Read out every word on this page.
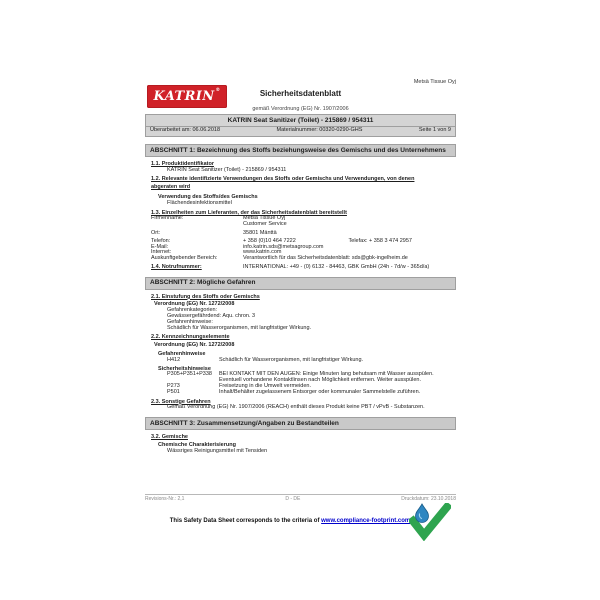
KATRIN ®
Metsä Tissue Oyj
Sicherheitsdatenblatt
gemäß Verordnung (EG) Nr. 1907/2006
KATRIN Seat Sanitizer (Toilet) - 215869 / 954311
Überarbeitet am: 06.06.2018	Materialnummer: 00320-0290-GHS	Seite 1 von 9
ABSCHNITT 1: Bezeichnung des Stoffs beziehungsweise des Gemischs und des Unternehmens
1.1. Produktidentifikator
KATRIN Seat Sanitizer (Toilet) - 215869 / 954311
1.2. Relevante identifizierte Verwendungen des Stoffs oder Gemischs und Verwendungen, von denen
abgeraten wird
Verwendung des Stoffs/des Gemischs
Flächendesinfektionsmittel
1.3. Einzelheiten zum Lieferanten, der das Sicherheitsdatenblatt bereitstellt
Firmenname:	Metsä Tissue Oyj
Customer Service
Ort:	35801 Mänttä
Telefon:	+ 358 (0)10 464 7222	Telefax: + 358 3 474 2957
E-Mail:	info.katrin.sds@metsagroup.com
Internet:	www.katrin.com
Auskunftgebender Bereich:	Verantwortlich für das Sicherheitsdatenblatt: sds@gbk-ingelheim.de
1.4. Notrufnummer:	INTERNATIONAL: +49 - (0) 6132 - 84463, GBK GmbH (24h - 7d/w - 365d/a)
ABSCHNITT 2: Mögliche Gefahren
2.1. Einstufung des Stoffs oder Gemischs
Verordnung (EG) Nr. 1272/2008
Gefahrenkategorien:
Gewässergefährdend: Aqu. chron. 3
Gefahrenhinweise:
Schädlich für Wasserorganismen, mit langfristiger Wirkung.
2.2. Kennzeichnungselemente
Verordnung (EG) Nr. 1272/2008
Gefahrenhinweise
H412	Schädlich für Wasserorganismen, mit langfristiger Wirkung.
Sicherheitshinweise
P305+P351+P338	BEI KONTAKT MIT DEN AUGEN: Einige Minuten lang behutsam mit Wasser ausspülen.
Eventuell vorhandene Kontaktlinsen nach Möglichkeit entfernen. Weiter ausspülen.
P273	Freisetzung in die Umwelt vermeiden.
P501	Inhalt/Behälter zugelassenem Entsorger oder kommunaler Sammelstelle zuführen.
2.3. Sonstige Gefahren
Gemäß Verordnung (EG) Nr. 1907/2006 (REACH) enthält dieses Produkt keine PBT / vPvB - Substanzen.
ABSCHNITT 3: Zusammensetzung/Angaben zu Bestandteilen
3.2. Gemische
Chemische Charakterisierung
Wässriges Reinigungsmittel mit Tensiden
Revisions-Nr.: 2,1	D - DE	Druckdatum: 23.10.2018
This Safety Data Sheet corresponds to the criteria of www.compliance-footprint.com
